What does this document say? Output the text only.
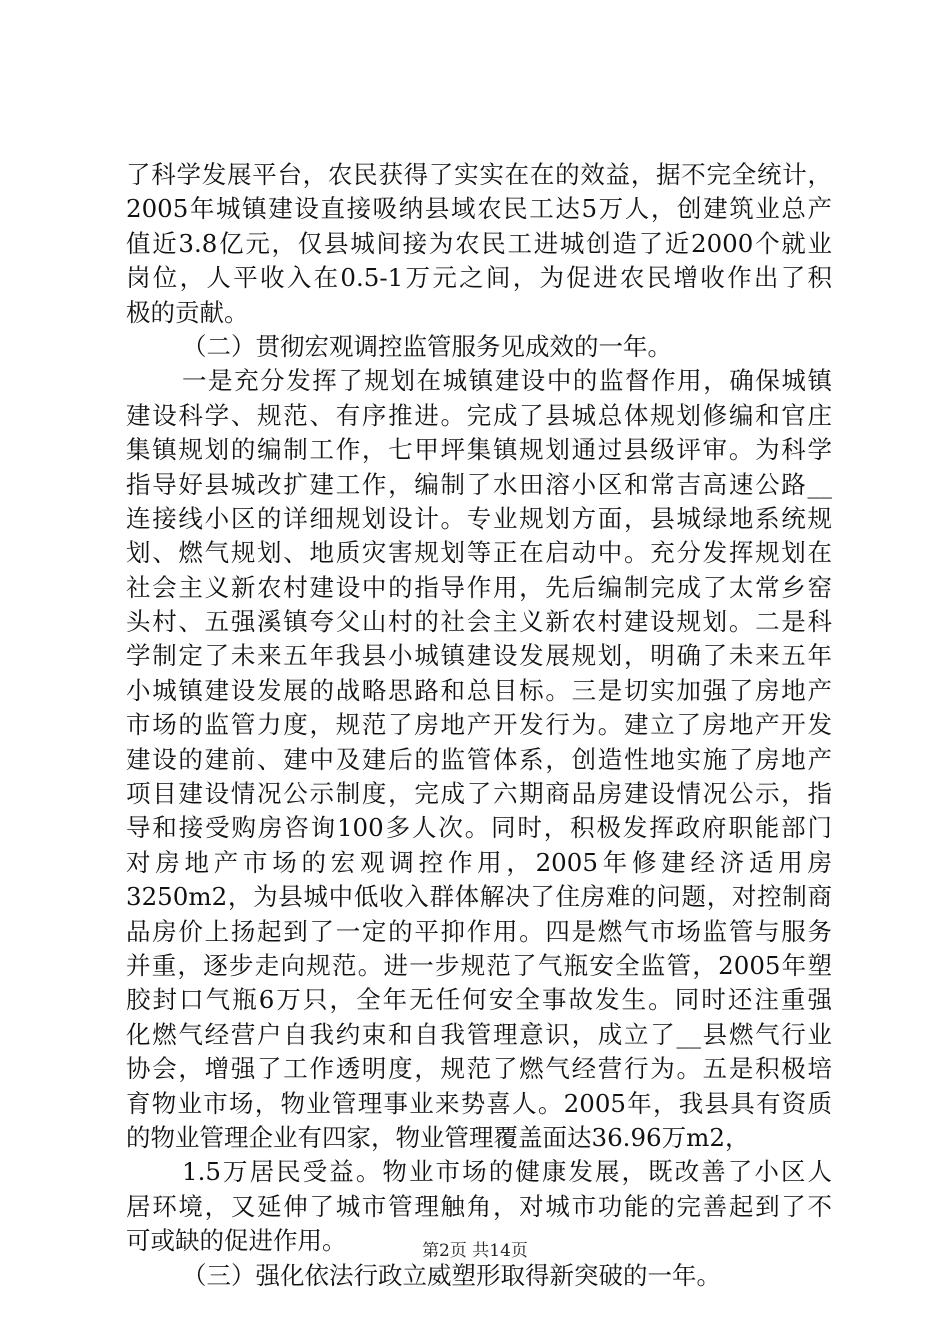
了科学发展平台，农民获得了实实在在的效益，据不完全统计，
2005年城镇建设直接吸纳县域农民工达5万人，创建筑业总产
值近3.8亿元，仅县城间接为农民工进城创造了近2000个就业
岗位，人平收入在0.5-1万元之间，为促进农民增收作出了积
极的贡献。
（二）贯彻宏观调控监管服务见成效的一年。
一是充分发挥了规划在城镇建设中的监督作用，确保城镇
建设科学、规范、有序推进。完成了县城总体规划修编和官庄
集镇规划的编制工作，七甲坪集镇规划通过县级评审。为科学
指导好县城改扩建工作，编制了水田溶小区和常吉高速公路__
连接线小区的详细规划设计。专业规划方面，县城绿地系统规
划、燃气规划、地质灾害规划等正在启动中。充分发挥规划在
社会主义新农村建设中的指导作用，先后编制完成了太常乡窑
头村、五强溪镇夸父山村的社会主义新农村建设规划。二是科
学制定了未来五年我县小城镇建设发展规划，明确了未来五年
小城镇建设发展的战略思路和总目标。三是切实加强了房地产
市场的监管力度，规范了房地产开发行为。建立了房地产开发
建设的建前、建中及建后的监管体系，创造性地实施了房地产
项目建设情况公示制度，完成了六期商品房建设情况公示，指
导和接受购房咨询100多人次。同时，积极发挥政府职能部门
对房地产市场的宏观调控作用，2005年修建经济适用房
3250m2，为县城中低收入群体解决了住房难的问题，对控制商
品房价上扬起到了一定的平抑作用。四是燃气市场监管与服务
并重，逐步走向规范。进一步规范了气瓶安全监管，2005年塑
胶封口气瓶6万只，全年无任何安全事故发生。同时还注重强
化燃气经营户自我约束和自我管理意识，成立了__县燃气行业
协会，增强了工作透明度，规范了燃气经营行为。五是积极培
育物业市场，物业管理事业来势喜人。2005年，我县具有资质
的物业管理企业有四家，物业管理覆盖面达36.96万m2，
1.5万居民受益。物业市场的健康发展，既改善了小区人
居环境，又延伸了城市管理触角，对城市功能的完善起到了不
可或缺的促进作用。
（三）强化依法行政立威塑形取得新突破的一年。
第2页 共14页
